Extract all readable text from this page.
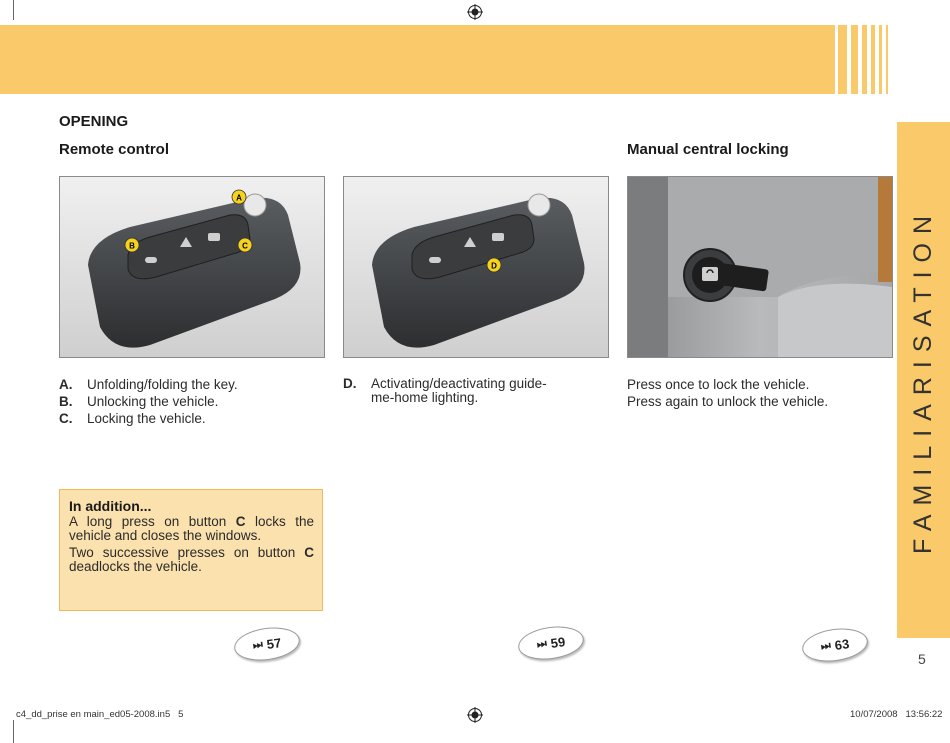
FAMILIARISATION
OPENING
Remote control	Manual central locking
A
B	C
D
A.	Unfolding/folding the key.
B.	Unlocking the vehicle.
C.	Locking the vehicle.
D.	Activating/deactivating guide-me-home lighting.
Press once to lock the vehicle.
Press again to unlock the vehicle.
In addition...
A long press on button C locks the vehicle and closes the windows.
Two successive presses on button C deadlocks the vehicle.
⏭ 57	⏭ 59	⏭ 63
5
c4_dd_prise en main_ed05-2008.in5   5	10/07/2008   13:56:22
